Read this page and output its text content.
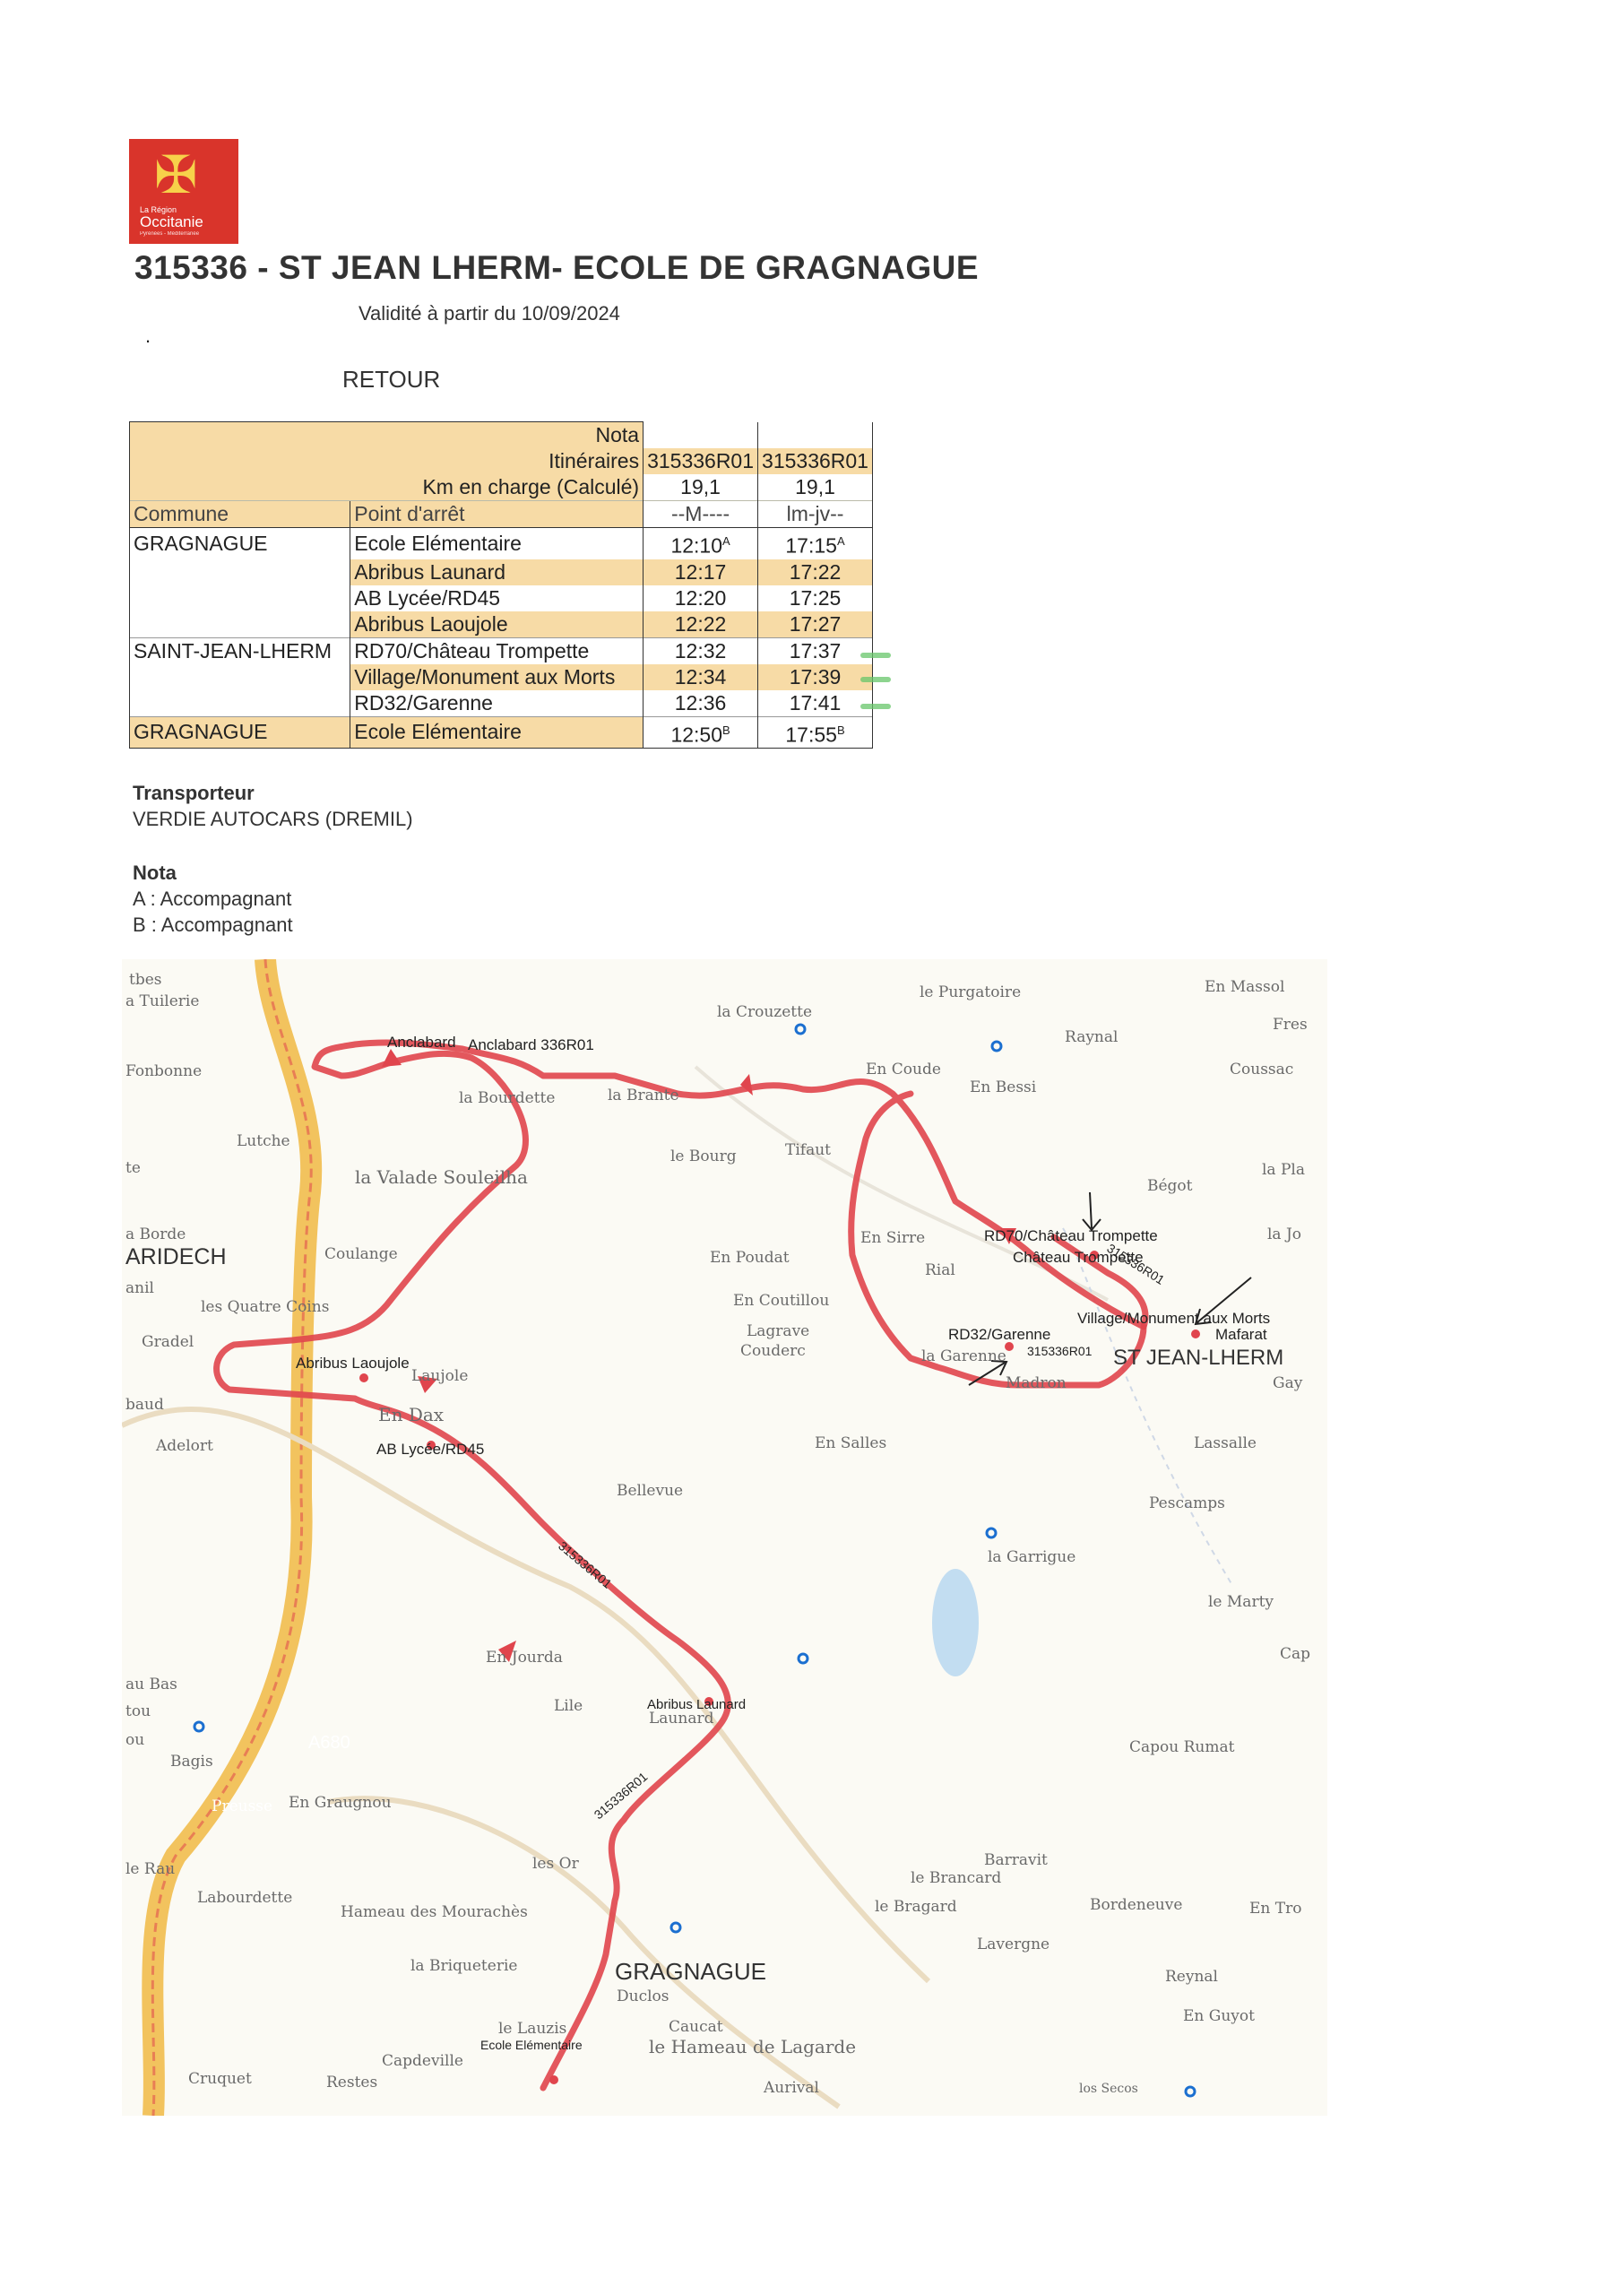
✠
La Région
Occitanie
Pyrénées - Méditerranée
315336 - ST JEAN LHERM- ECOLE DE GRAGNAGUE
Validité à partir du 10/09/2024
.
RETOUR
	Nota		
	Itinéraires	315336R01	315336R01
	Km en charge (Calculé)	19,1	19,1
Commune	Point d'arrêt	--M----	lm-jv--
GRAGNAGUE	Ecole Elémentaire	$12:10^A$	$17:15^A$
	Abribus Launard	12:17	17:22
	AB Lycée/RD45	12:20	17:25
	Abribus Laoujole	12:22	17:27
SAINT-JEAN-LHERM	RD70/Château Trompette	12:32	17:37
	Village/Monument aux Morts	12:34	17:39
	RD32/Garenne	12:36	17:41
GRAGNAGUE	Ecole Elémentaire	$12:50^B$	$17:55^B$
Transporteur
VERDIE AUTOCARS (DREMIL)
Nota
A : Accompagnant
B : Accompagnant
tbes
a Tuilerie
Fonbonne
Lutche
te
a Borde
ARIDECH
anil
Gradel
baud
Adelort
les Quatre Coins
Coulange
la Valade Souleilha
la Bourdette	la Brante
le Bourg	Tifaut
la Crouzette
le Purgatoire
Raynal
En Massol
Fres
Coussac
En Coude
En Bessi
Bégot
la Pla
la Jo
En Poudat
En Coutillou
Lagrave
Couderc
En Salles
Bellevue
En Dax
Laujole
En Jourda
Lile
Launard
Bagis
En Graugnou
Labourdette
Hameau des Mourachès
la Briqueterie	GRAGNAGUE
Duclos
Caucat
le Hameau de Lagarde
Aurival
Capdeville
Restes
Cruquet
le Lauzis
les Or
le Bragard
Lavergne
le Brancard
Barravit
Capou Rumat
Bordeneuve	En Tro
Reynal
En Guyot
los Secos
la Garrigue
le Marty
Cap
Pescamps
Lassalle
Gay
Madron
la Garenne
En Sirre
Rial
Mafarat
ST JEAN-LHERM
Château Trompette
Anclabard
A680
Preusse
au Bas
tou
ou
le Rau
Anclabard 336R01
RD70/Château Trompette
Village/Monument aux Morts
RD32/Garenne
Abribus Laoujole
AB Lycée/RD45
Abribus Launard
Ecole Elémentaire
315336R01
315336R01
315336R01
315336R01
